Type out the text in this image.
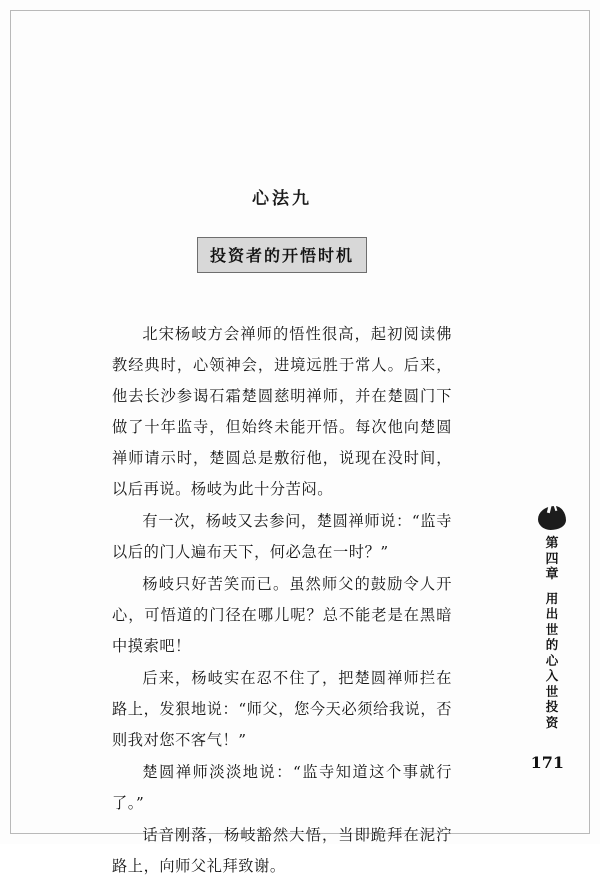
心法九
投资者的开悟时机

北宋杨岐方会禅师的悟性很高，起初阅读佛教经典时，心领神会，进境远胜于常人。后来，他去长沙参谒石霜楚圆慈明禅师，并在楚圆门下做了十年监寺，但始终未能开悟。每次他向楚圆禅师请示时，楚圆总是敷衍他，说现在没时间，以后再说。杨岐为此十分苦闷。

有一次，杨岐又去参问，楚圆禅师说：“监寺以后的门人遍布天下，何必急在一时？”

杨岐只好苦笑而已。虽然师父的鼓励令人开心，可悟道的门径在哪儿呢？总不能老是在黑暗中摸索吧！

后来，杨岐实在忍不住了，把楚圆禅师拦在路上，发狠地说：“师父，您今天必须给我说，否则我对您不客气！”

楚圆禅师淡淡地说：“监寺知道这个事就行了。”

话音刚落，杨岐豁然大悟，当即跪拜在泥泞路上，向师父礼拜致谢。

第
四
章
用
出
世
的
心
入
世
投
资
171
